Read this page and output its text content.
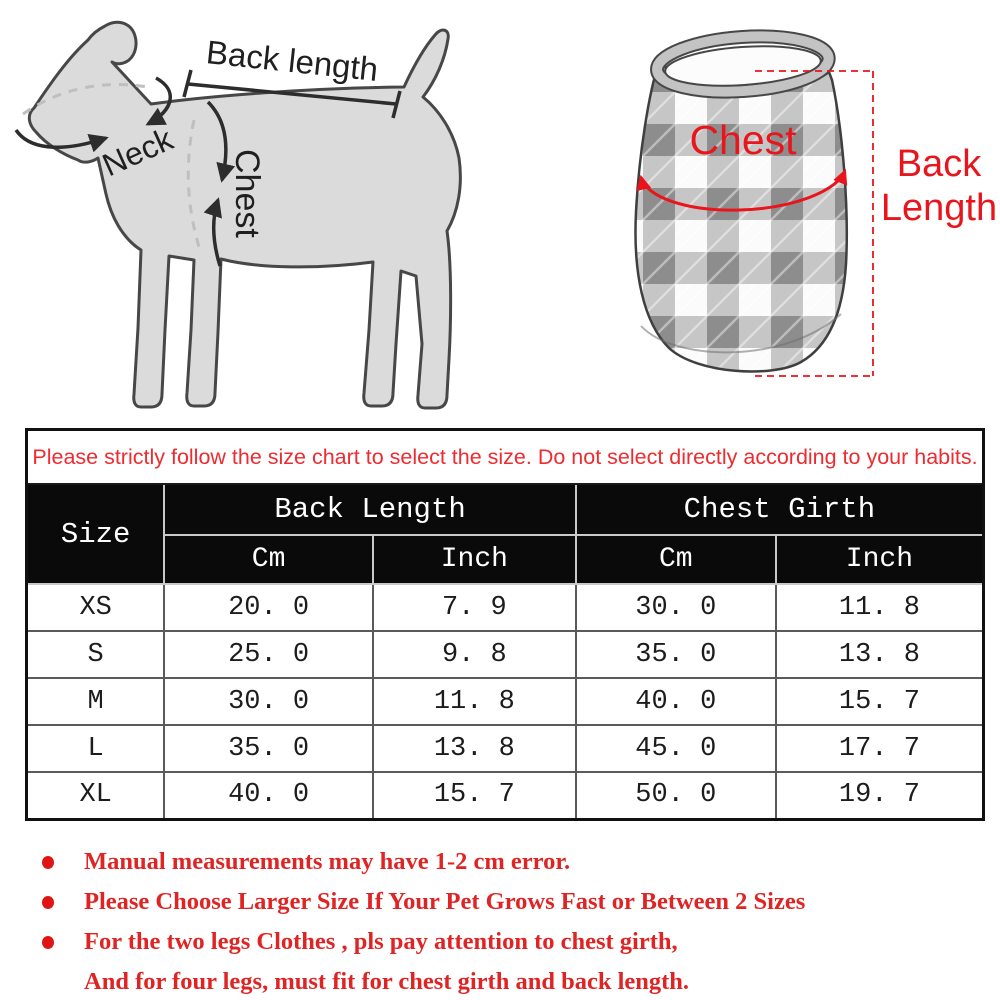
Back length
Neck Chest
Chest
Back
Length
Please strictly follow the size chart to select the size. Do not select directly according to your habits.				
Size	Back Length		Chest Girth	
	Cm	Inch	Cm	Inch
XS	20. 0	7. 9	30. 0	11. 8
S	25. 0	9. 8	35. 0	13. 8
M	30. 0	11. 8	40. 0	15. 7
L	35. 0	13. 8	45. 0	17. 7
XL	40. 0	15. 7	50. 0	19. 7
Manual measurements may have 1-2 cm error.
Please Choose Larger Size If Your Pet Grows Fast or Between 2 Sizes
For the two legs Clothes , pls pay attention to chest girth,
And for four legs, must fit for chest girth and back length.
